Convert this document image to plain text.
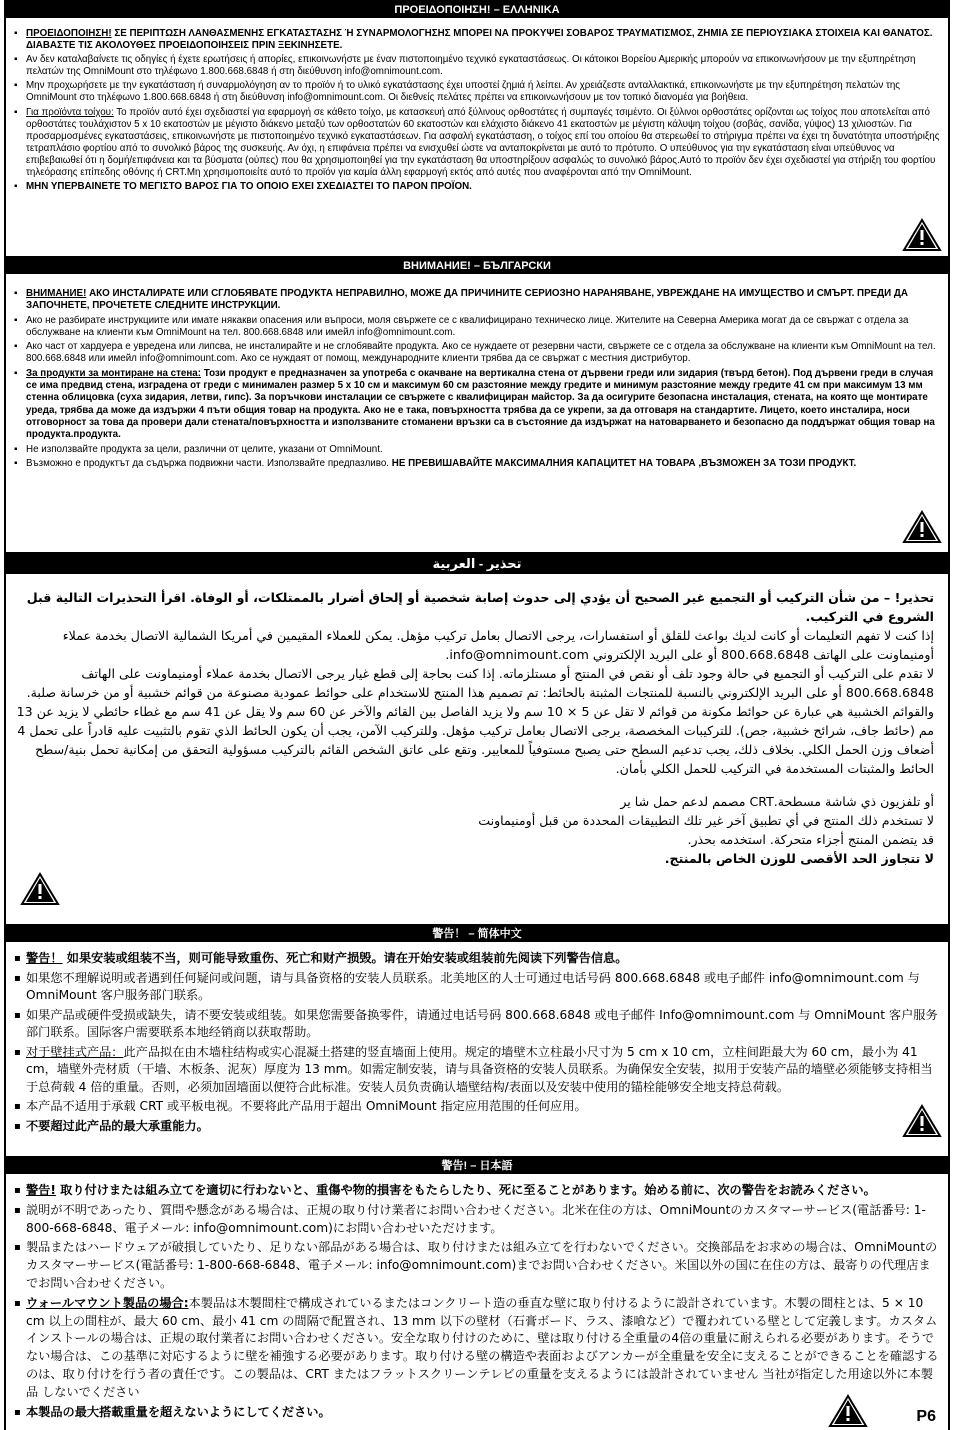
ΠΡΟΕΙΔΟΠΟΙΗΣΗ! – ΕΛΛΗΝΙΚΑ
▪ ΠΡΟΕΙΔΟΠΟΙΗΣΗ! ΣΕ ΠΕΡΙΠΤΩΣΗ ΛΑΝΘΑΣΜΕΝΗΣ ΕΓΚΑΤΑΣΤΑΣΗΣ Ή ΣΥΝΑΡΜΟΛΟΓΗΣΗΣ ΜΠΟΡΕΙ ΝΑ ΠΡΟΚΥΨΕΙ ΣΟΒΑΡΟΣ ΤΡΑΥΜΑΤΙΣΜΟΣ, ΖΗΜΙΑ ΣΕ ΠΕΡΙΟΥΣΙΑΚΑ ΣΤΟΙΧΕΙΑ ΚΑΙ ΘΑΝΑΤΟΣ. ΔΙΑΒΑΣΤΕ ΤΙΣ ΑΚΟΛΟΥΘΕΣ ΠΡΟΕΙΔΟΠΟΙΗΣΕΙΣ ΠΡΙΝ ΞΕΚΙΝΗΣΕΤΕ.
▪ Αν δεν καταλαβαίνετε τις οδηγίες ή έχετε ερωτήσεις ή απορίες, επικοινωνήστε με έναν πιστοποιημένο τεχνικό εγκαταστάσεως. Οι κάτοικοι Βορείου Αμερικής μπορούν να επικοινωνήσουν με την εξυπηρέτηση πελατών της OmniMount στο τηλέφωνο 1.800.668.6848 ή στη διεύθυνση info@omnimount.com.
▪ Μην προχωρήσετε με την εγκατάσταση ή συναρμολόγηση αν το προϊόν ή το υλικό εγκατάστασης έχει υποστεί ζημιά ή λείπει. Αν χρειάζεστε ανταλλακτικά, επικοινωνήστε με την εξυπηρέτηση πελατών της OmniMount στο τηλέφωνο 1.800.668.6848 ή στη διεύθυνση info@omnimount.com. Οι διεθνείς πελάτες πρέπει να επικοινωνήσουν με τον τοπικό διανομέα για βοήθεια.
▪ Για προϊόντα τοίχου: Το προϊόν αυτό έχει σχεδιαστεί για εφαρμογή σε κάθετο τοίχο, με κατασκευή από ξύλινους ορθοστάτες ή συμπαγές τσιμέντο. Οι ξύλινοι ορθοστάτες ορίζονται ως τοίχος που αποτελείται από ορθοστάτες τουλάχιστον 5 x 10 εκατοστών με μέγιστο διάκενο μεταξύ των ορθοστατών 60 εκατοστών και ελάχιστο διάκενο 41 εκατοστών με μέγιστη κάλυψη τοίχου (σοβάς, σανίδα, γύψος) 13 χιλιοστών. Για προσαρμοσμένες εγκαταστάσεις, επικοινωνήστε με πιστοποιημένο τεχνικό εγκαταστάσεων. Για ασφαλή εγκατάσταση, ο τοίχος επί του οποίου θα στερεωθεί το στήριγμα πρέπει να έχει τη δυνατότητα υποστήριξης τετραπλάσιο φορτίου από το συνολικό βάρος της συσκευής. Αν όχι, η επιφάνεια πρέπει να ενισχυθεί ώστε να ανταποκρίνεται με αυτό το πρότυπο. Ο υπεύθυνος για την εγκατάσταση είναι υπεύθυνος να επιβεβαιωθεί ότι η δομή/επιφάνεια και τα βύσματα (ούπες) που θα χρησιμοποιηθεί για την εγκατάσταση θα υποστηρίξουν ασφαλώς το συνολικό βάρος.Αυτό το προϊόν δεν έχει σχεδιαστεί για στήριξη του φορτίου τηλεόρασης επίπεδης οθόνης ή CRT.Μη χρησιμοποιείτε αυτό το προϊόν για καμία άλλη εφαρμογή εκτός από αυτές που αναφέρονται από την OmniMount.
▪ ΜΗΝ ΥΠΕΡΒΑΙΝΕΤΕ ΤΟ ΜΕΓΙΣΤΟ ΒΑΡΟΣ ΓΙΑ ΤΟ ΟΠΟΙΟ ΕΧΕΙ ΣΧΕΔΙΑΣΤΕΙ ΤΟ ΠΑΡΟΝ ΠΡΟΪΟΝ.
ВНИМАНИЕ! – БЪЛГАРСКИ
▪ ВНИМАНИЕ! АКО ИНСТАЛИРАТЕ ИЛИ СГЛОБЯВАТЕ ПРОДУКТА НЕПРАВИЛНО, МОЖЕ ДА ПРИЧИНИТЕ СЕРИОЗНО НАРАНЯВАНЕ, УВРЕЖДАНЕ НА ИМУЩЕСТВО И СМЪРТ. ПРЕДИ ДА ЗАПОЧНЕТЕ, ПРОЧЕТЕТЕ СЛЕДНИТЕ ИНСТРУКЦИИ.
▪ Ако не разбирате инструкциите или имате някакви опасения или въпроси, моля свържете се с квалифицирано техническо лице. Жителите на Северна Америка могат да се свържат с отдела за обслужване на клиенти към OmniMount на тел. 800.668.6848 или имейл info@omnimount.com.
▪ Ако част от хардуера е увредена или липсва, не инсталирайте и не сглобявайте продукта. Ако се нуждаете от резервни части, свържете се с отдела за обслужване на клиенти към OmniMount на тел. 800.668.6848 или имейл info@omnimount.com. Ако се нуждаят от помощ, международните клиенти трябва да се свържат с местния дистрибутор.
▪ За продукти за монтиране на стена: Този продукт е предназначен за употреба с окачване на вертикална стена от дървени греди или зидария (твърд бетон). Под дървени греди в случая се има предвид стена, изградена от греди с минимален размер 5 x 10 см и максимум 60 см разстояние между гредите и минимум разстояние между гредите 41 см при максимум 13 мм стенна облицовка (суха зидария, летви, гипс). За поръчкови инсталации се свържете с квалифициран майстор. За да осигурите безопасна инсталация, стената, на която ще монтирате уреда, трябва да може да издържи 4 пъти общия товар на продукта. Ако не е така, повърхността трябва да се укрепи, за да отговаря на стандартите. Лицето, което инсталира, носи отговорност за това да провери дали стената/повърхността и използваните стоманени връзки са в състояние да издържат на натоварването и безопасно да поддържат общия товар на продукта.продукта.
▪ Не използвайте продукта за цели, различни от целите, указани от OmniMount.
▪ Възможно е продуктът да съдържа подвижни части. Използвайте предпазливо. НЕ ПРЕВИШАВАЙТЕ МАКСИМАЛНИЯ КАПАЦИТЕТ НА ТОВАРА ,ВЪЗМОЖЕН ЗА ТОЗИ ПРОДУКТ.
تحذير - العربية

تحذير! – من شأن التركيب أو التجميع غير الصحيح أن يؤدي إلى حدوث إصابة شخصية أو إلحاق أضرار بالممتلكات، أو الوفاة. اقرأ التحذيرات التالية قبل الشروع في التركيب.

إذا كنت لا تفهم التعليمات أو كانت لديك بواعث للقلق أو استفسارات، يرجى الاتصال بعامل تركيب مؤهل. يمكن للعملاء المقيمين في أمريكا الشمالية الاتصال بخدمة عملاء أومنيماونت على الهاتف 800.668.6848 أو على البريد الإلكتروني info@omnimount.com.

لا تقدم على التركيب أو التجميع في حالة وجود تلف أو نقص في المنتج أو مستلزماته. إذا كنت بحاجة إلى قطع غيار يرجى الاتصال بخدمة عملاء أومنيماونت على الهاتف 800.668.6848 أو على البريد الإلكتروني بالنسبة للمنتجات المثبتة بالحائط: تم تصميم هذا المنتج للاستخدام على حوائط عمودية مصنوعة من قوائم خشبية أو من خرسانة صلبة. والقوائم الخشبية هي عبارة عن حوائط مكونة من قوائم لا تقل عن 5 × 10 سم ولا يزيد الفاصل بين القائم والآخر عن 60 سم ولا يقل عن 41 سم مع غطاء حائطي لا يزيد عن 13 مم (حائط جاف، شرائح خشبية، جص). للتركيبات المخصصة، يرجى الاتصال بعامل تركيب مؤهل. وللتركيب الآمن، يجب أن يكون الحائط الذي تقوم بالتثبيت عليه قادراً على تحمل 4 أضعاف وزن الحمل الكلي. بخلاف ذلك، يجب تدعيم السطح حتى يصبح مستوفياً للمعايير. وتقع على عاتق الشخص القائم بالتركيب مسؤولية التحقق من إمكانية تحمل بنية/سطح الحائط والمثبتات المستخدمة في التركيب للحمل الكلي بأمان.

أو تلفزيون ذي شاشة مسطحة.CRT مصمم لدعم حمل شا ير

لا تستخدم ذلك المنتج في أي تطبيق آخر غير تلك التطبيقات المحددة من قبل أومنيماونت

قد يتضمن المنتج أجزاء متحركة. استخدمه بحذر.

لا تتجاوز الحد الأقصى للوزن الخاص بالمنتج.

警告！ – 简体中文
▪ 警告！ 如果安装或组装不当，则可能导致重伤、死亡和财产损毁。请在开始安装或组装前先阅读下列警告信息。
▪ 如果您不理解说明或者遇到任何疑问或问题，请与具备资格的安装人员联系。北美地区的人士可通过电话号码 800.668.6848 或电子邮件 info@omnimount.com 与 OmniMount 客户服务部门联系。
▪ 如果产品或硬件受损或缺失，请不要安装或组装。如果您需要备换零件，请通过电话号码 800.668.6848 或电子邮件 Info@omnimount.com 与 OmniMount 客户服务部门联系。国际客户需要联系本地经销商以获取帮助。
▪ 对于壁挂式产品：此产品拟在由木墙柱结构或实心混凝土搭建的竖直墙面上使用。规定的墙壁木立柱最小尺寸为 5 cm x 10 cm，立柱间距最大为 60 cm，最小为 41 cm，墙壁外壳材质（干墙、木板条、泥灰）厚度为 13 mm。如需定制安装，请与具备资格的安装人员联系。为确保安全安装，拟用于安装产品的墙壁必须能够支持相当于总荷载 4 倍的重量。否则，必须加固墙面以便符合此标准。安装人员负责确认墙壁结构/表面以及安装中使用的锚栓能够安全地支持总荷载。
▪ 本产品不适用于承载 CRT 或平板电视。不要将此产品用于超出 OmniMount 指定应用范围的任何应用。
▪ 不要超过此产品的最大承重能力。
警告! – 日本語
▪ 警告! 取り付けまたは組み立てを適切に行わないと、重傷や物的損害をもたらしたり、死に至ることがあります。始める前に、次の警告をお読みください。
▪ 説明が不明であったり、質問や懸念がある場合は、正規の取り付け業者にお問い合わせください。北米在住の方は、OmniMountのカスタマーサービス(電話番号: 1-800-668-6848、電子メール: info@omnimount.com)にお問い合わせいただけます。
▪ 製品またはハードウェアが破損していたり、足りない部品がある場合は、取り付けまたは組み立てを行わないでください。交換部品をお求めの場合は、OmniMountのカスタマーサービス(電話番号: 1-800-668-6848、電子メール: info@omnimount.com)までお問い合わせください。米国以外の国に在住の方は、最寄りの代理店までお問い合わせください。
▪ ウォールマウント製品の場合:本製品は木製間柱で構成されているまたはコンクリート造の垂直な壁に取り付けるように設計されています。木製の間柱とは、5 × 10 cm 以上の間柱が、最大 60 cm、最小 41 cm の間隔で配置され、13 mm 以下の壁材（石膏ボード、ラス、漆喰など）で覆われている壁として定義します。カスタムインストールの場合は、正規の取付業者にお問い合わせください。安全な取り付けのために、壁は取り付ける全重量の4倍の重量に耐えられる必要があります。そうでない場合は、この基準に対応するように壁を補強する必要があります。取り付ける壁の構造や表面およびアンカーが全重量を安全に支えることができることを確認するのは、取り付けを行う者の責任です。この製品は、CRT またはフラットスクリーンテレビの重量を支えるようには設計されていません 当社が指定した用途以外に本製品 しないでください
▪ 本製品の最大搭載重量を超えないようにしてください。	P6
